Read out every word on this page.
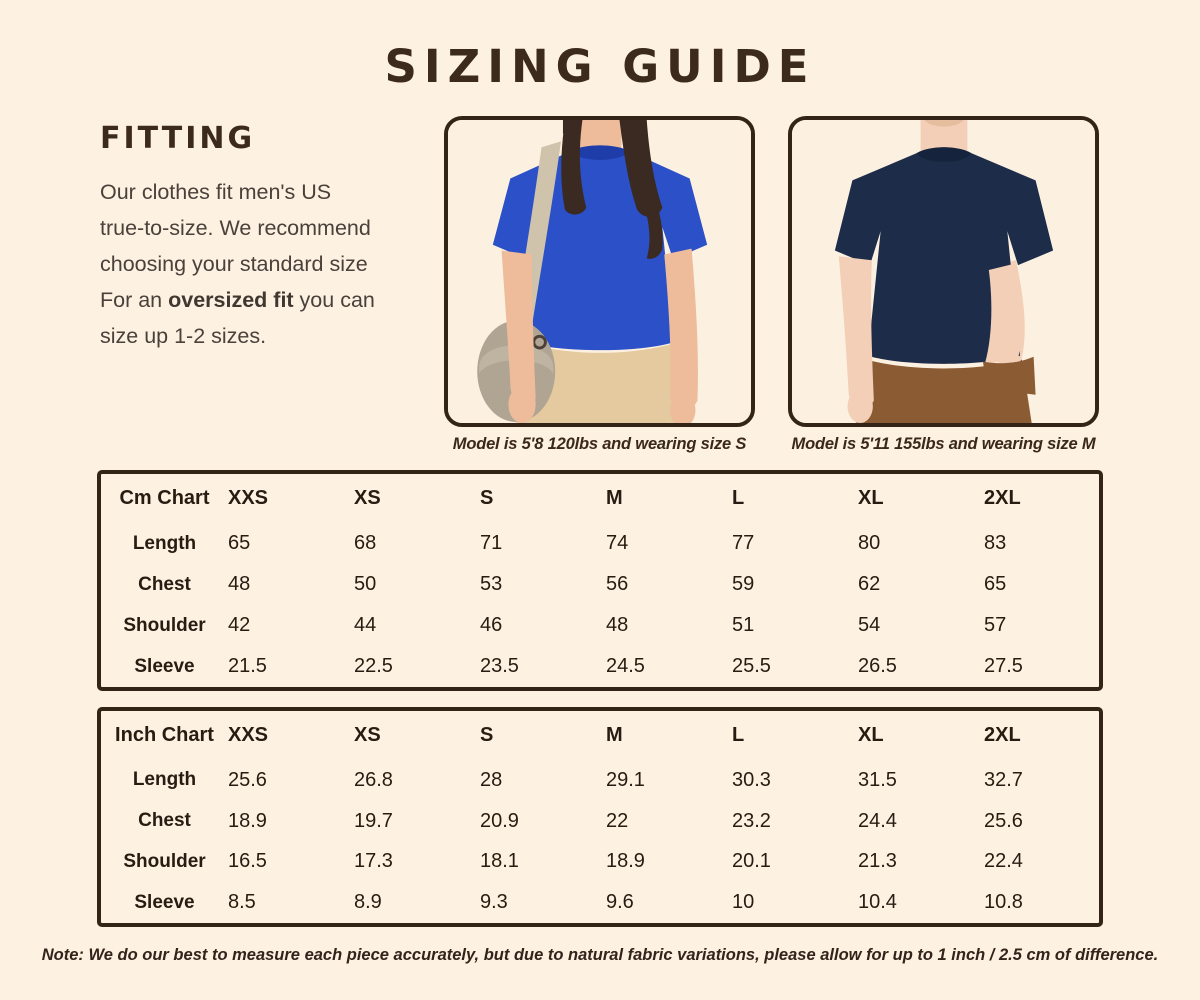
SIZING GUIDE
FITTING
Our clothes fit men's US
true-to-size. We recommend
choosing your standard size
For an oversized fit you can
size up 1-2 sizes.
Model is 5'8 120lbs and wearing size S	Model is 5'11 155lbs and wearing size M
Cm Chart	XXS	XS	S	M	L	XL	2XL
Length	65	68	71	74	77	80	83
Chest	48	50	53	56	59	62	65
Shoulder	42	44	46	48	51	54	57
Sleeve	21.5	22.5	23.5	24.5	25.5	26.5	27.5
Inch Chart	XXS	XS	S	M	L	XL	2XL
Length	25.6	26.8	28	29.1	30.3	31.5	32.7
Chest	18.9	19.7	20.9	22	23.2	24.4	25.6
Shoulder	16.5	17.3	18.1	18.9	20.1	21.3	22.4
Sleeve	8.5	8.9	9.3	9.6	10	10.4	10.8
Note: We do our best to measure each piece accurately, but due to natural fabric variations, please allow for up to 1 inch / 2.5 cm of difference.
